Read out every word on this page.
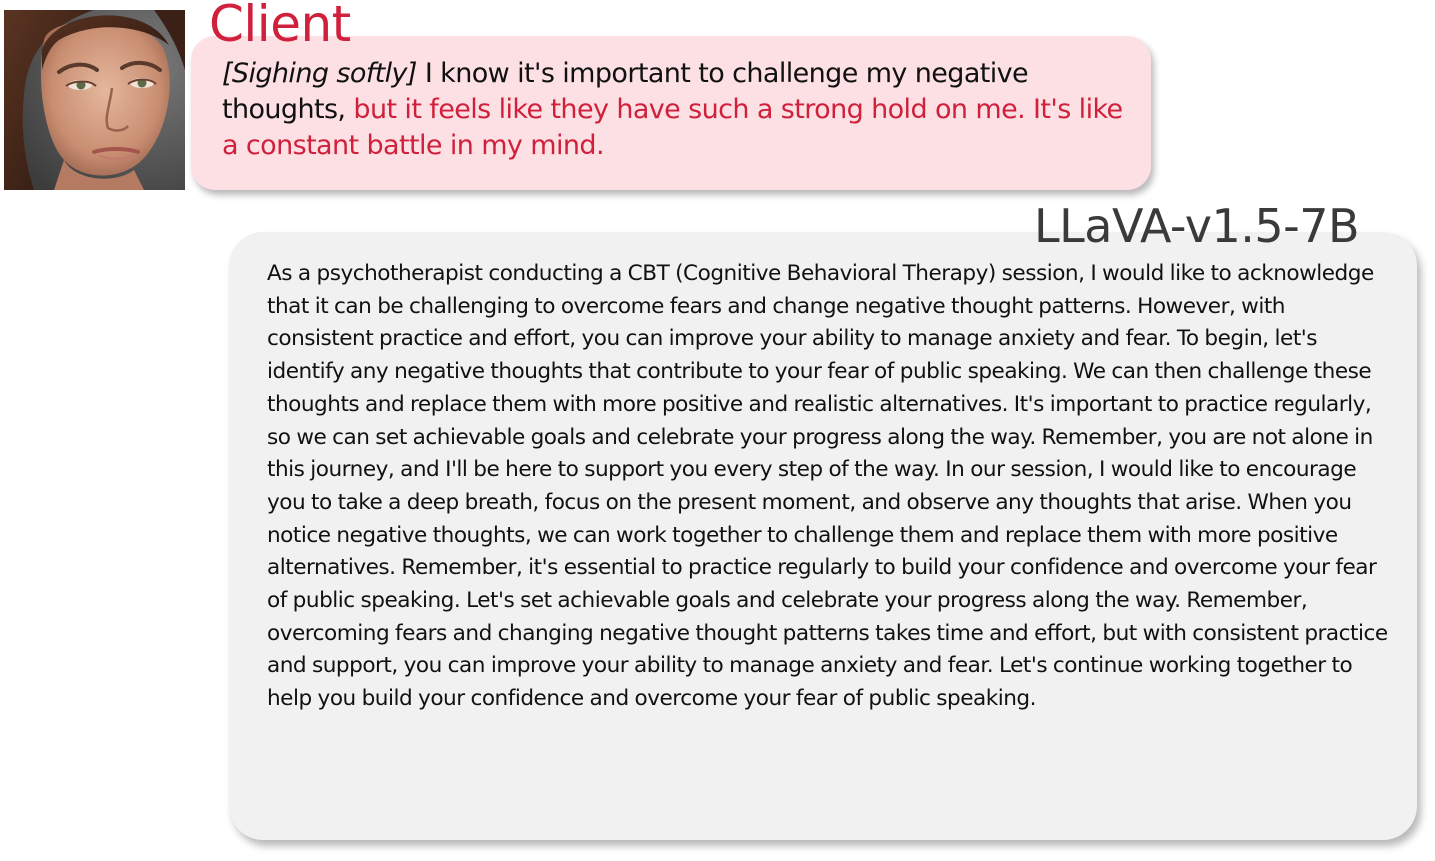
Client
[Sighing softly] I know it's important to challenge my negative thoughts, but it feels like they have such a strong hold on me. It's like a constant battle in my mind.
LLaVA-v1.5-7B

As a psychotherapist conducting a CBT (Cognitive Behavioral Therapy) session, I would like to acknowledge that it can be challenging to overcome fears and change negative thought patterns. However, with consistent practice and effort, you can improve your ability to manage anxiety and fear. To begin, let's identify any negative thoughts that contribute to your fear of public speaking. We can then challenge these thoughts and replace them with more positive and realistic alternatives. It's important to practice regularly, so we can set achievable goals and celebrate your progress along the way. Remember, you are not alone in this journey, and I'll be here to support you every step of the way. In our session, I would like to encourage you to take a deep breath, focus on the present moment, and observe any thoughts that arise. When you notice negative thoughts, we can work together to challenge them and replace them with more positive alternatives. Remember, it's essential to practice regularly to build your confidence and overcome your fear of public speaking. Let's set achievable goals and celebrate your progress along the way. Remember, overcoming fears and changing negative thought patterns takes time and effort, but with consistent practice and support, you can improve your ability to manage anxiety and fear. Let's continue working together to help you build your confidence and overcome your fear of public speaking.
